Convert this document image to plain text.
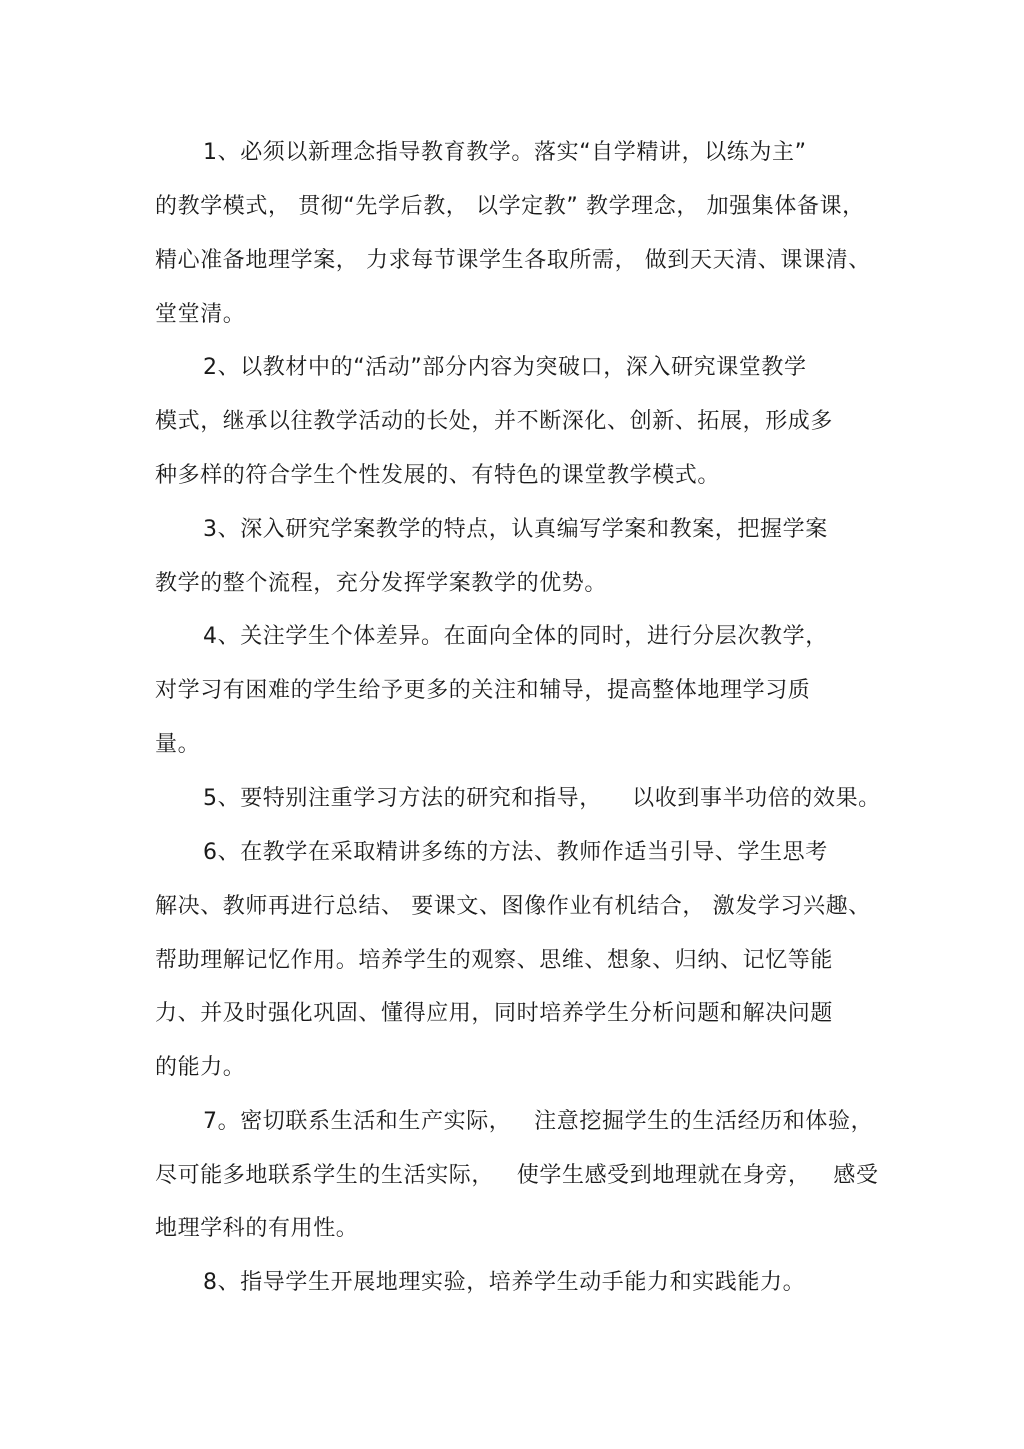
1、必须以新理念指导教育教学。落实“自学精讲，以练为主”
的教学模式， 贯彻“先学后教， 以学定教” 教学理念， 加强集体备课，
精心准备地理学案， 力求每节课学生各取所需， 做到天天清、课课清、
堂堂清。
2、以教材中的“活动”部分内容为突破口，深入研究课堂教学
模式，继承以往教学活动的长处，并不断深化、创新、拓展，形成多
种多样的符合学生个性发展的、有特色的课堂教学模式。
3、深入研究学案教学的特点，认真编写学案和教案，把握学案
教学的整个流程，充分发挥学案教学的优势。
4、关注学生个体差异。在面向全体的同时，进行分层次教学，
对学习有困难的学生给予更多的关注和辅导，提高整体地理学习质
量。
5、要特别注重学习方法的研究和指导，    以收到事半功倍的效果。
6、在教学在采取精讲多练的方法、教师作适当引导、学生思考
解决、教师再进行总结、 要课文、图像作业有机结合， 激发学习兴趣、
帮助理解记忆作用。培养学生的观察、思维、想象、归纳、记忆等能
力、并及时强化巩固、懂得应用，同时培养学生分析问题和解决问题
的能力。
7。密切联系生活和生产实际，   注意挖掘学生的生活经历和体验，
尽可能多地联系学生的生活实际，   使学生感受到地理就在身旁，   感受
地理学科的有用性。
8、指导学生开展地理实验，培养学生动手能力和实践能力。
